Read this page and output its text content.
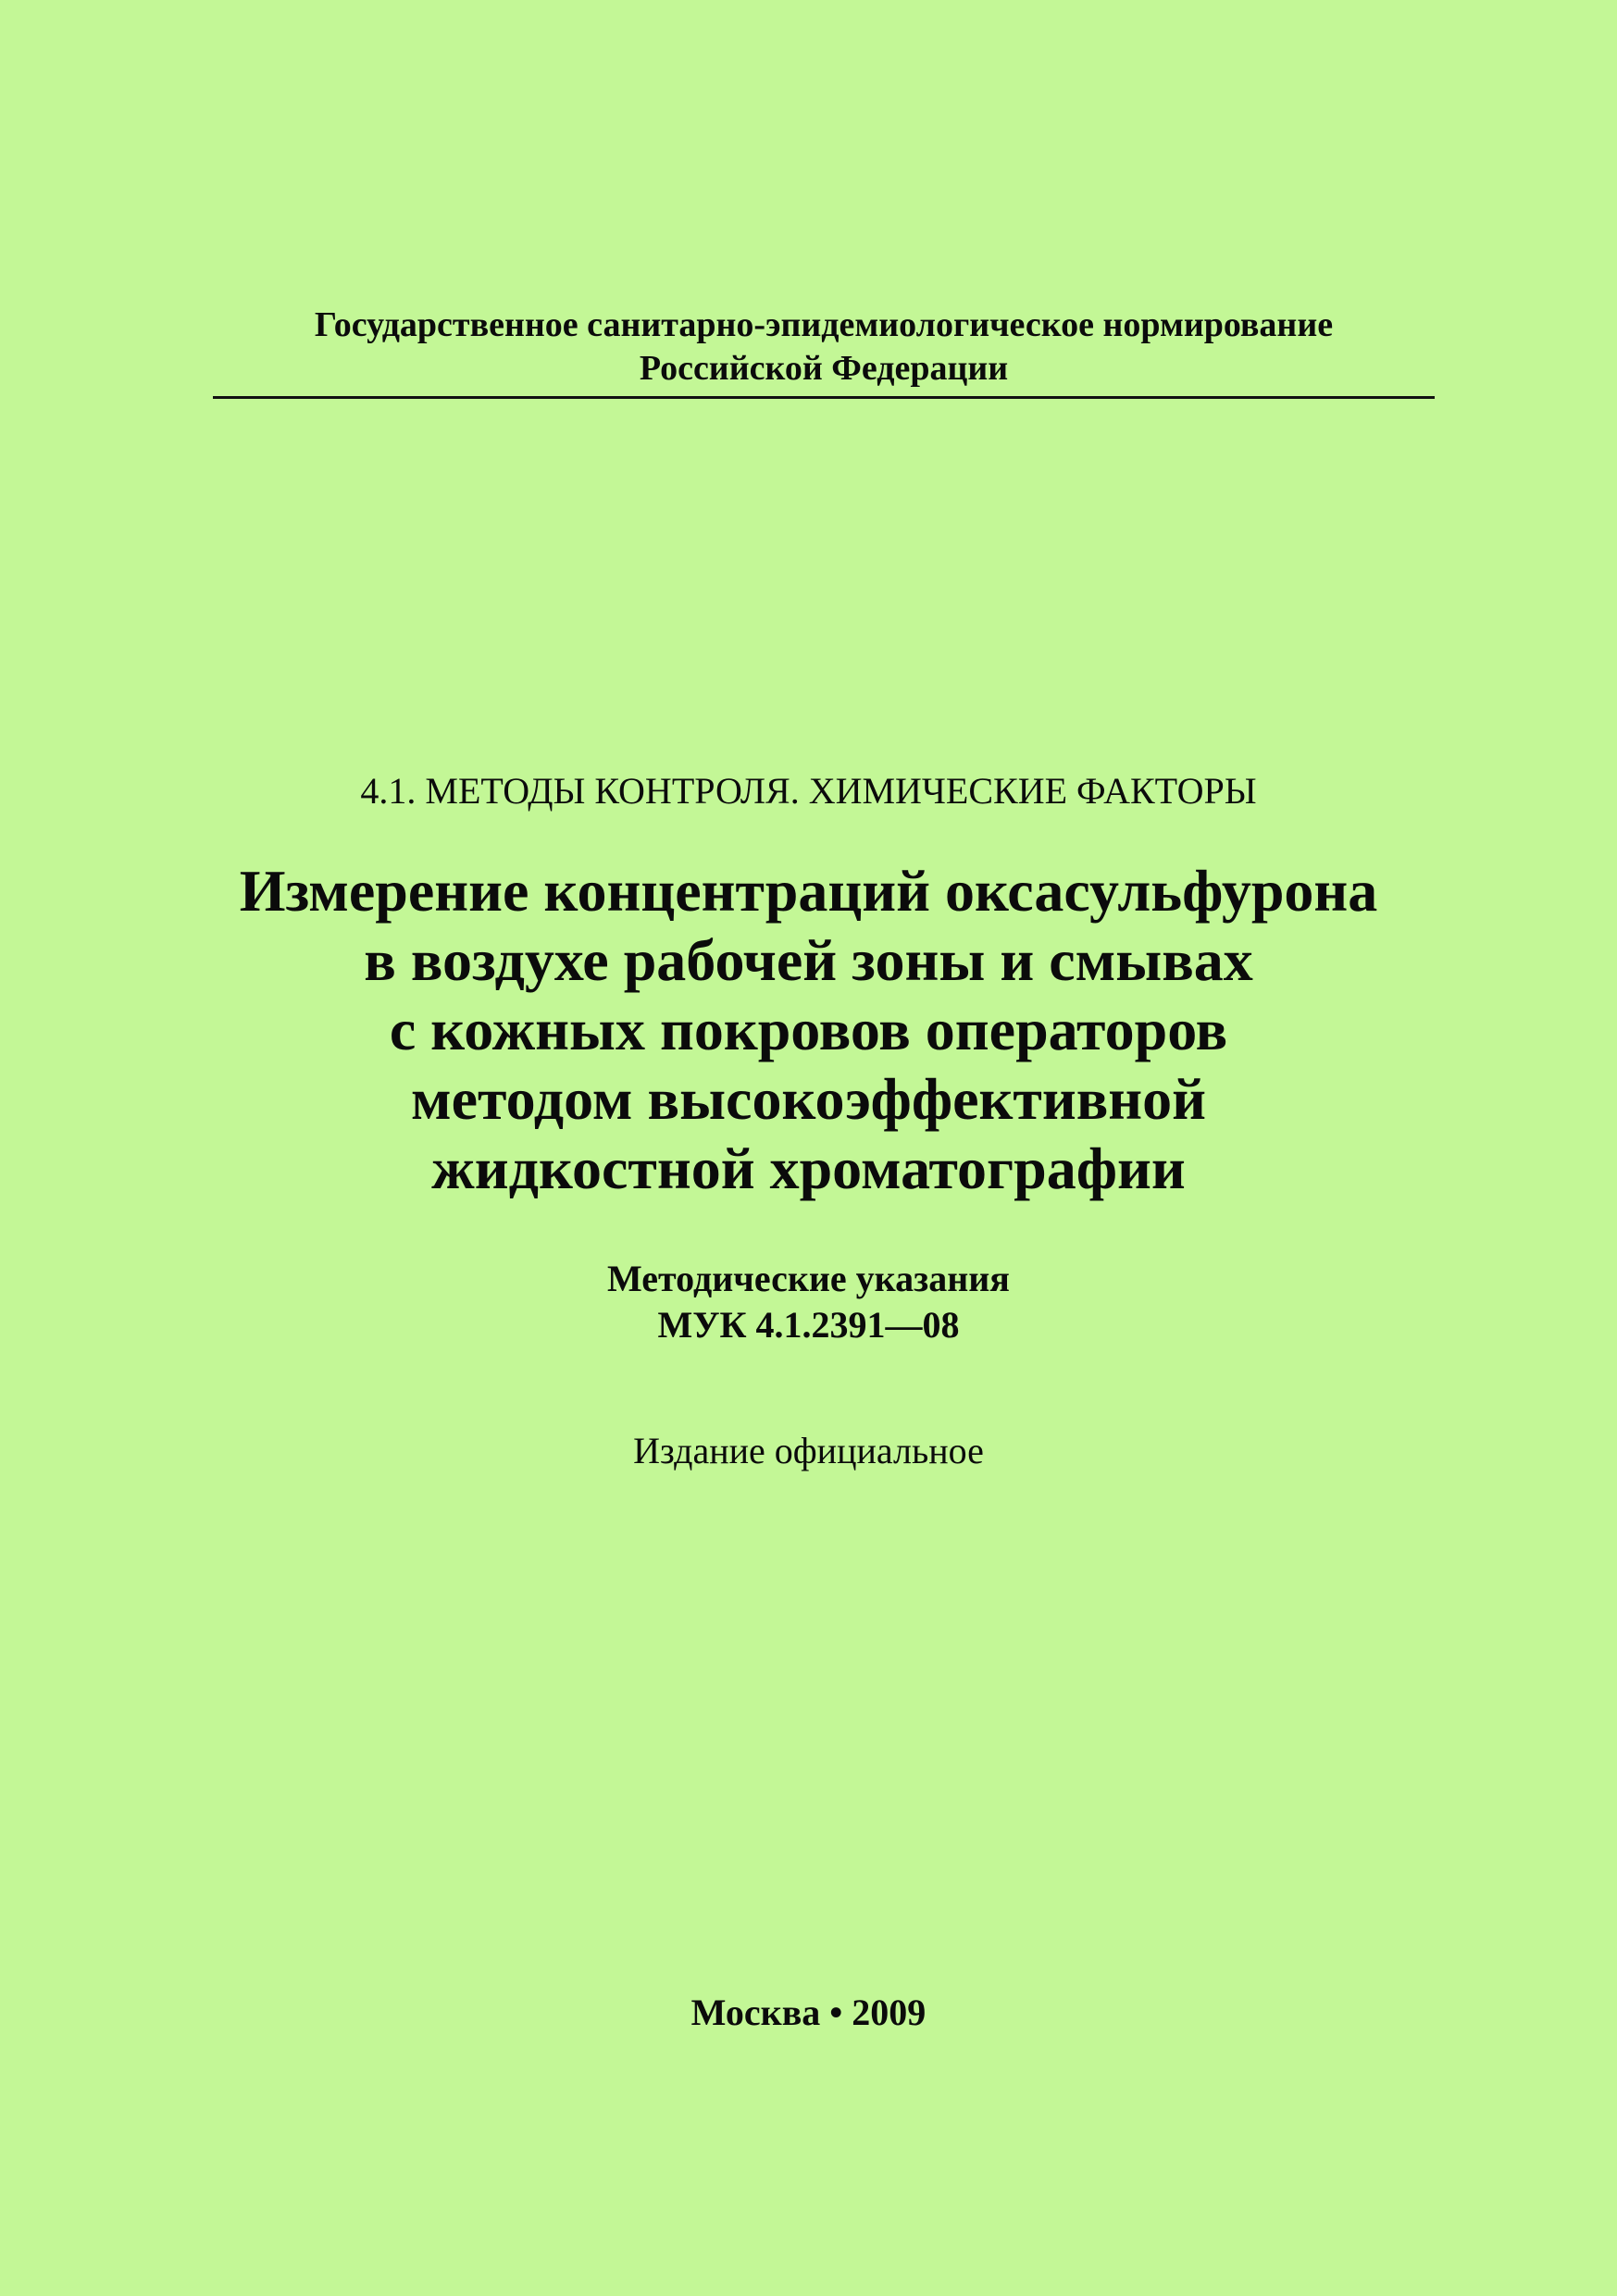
Государственное санитарно-эпидемиологическое нормирование
Российской Федерации
4.1. МЕТОДЫ КОНТРОЛЯ. ХИМИЧЕСКИЕ ФАКТОРЫ
Измерение концентраций оксасульфурона
в воздухе рабочей зоны и смывах
с кожных покровов операторов
методом высокоэффективной
жидкостной хроматографии
Методические указания
МУК 4.1.2391—08
Издание официальное
Москва • 2009
